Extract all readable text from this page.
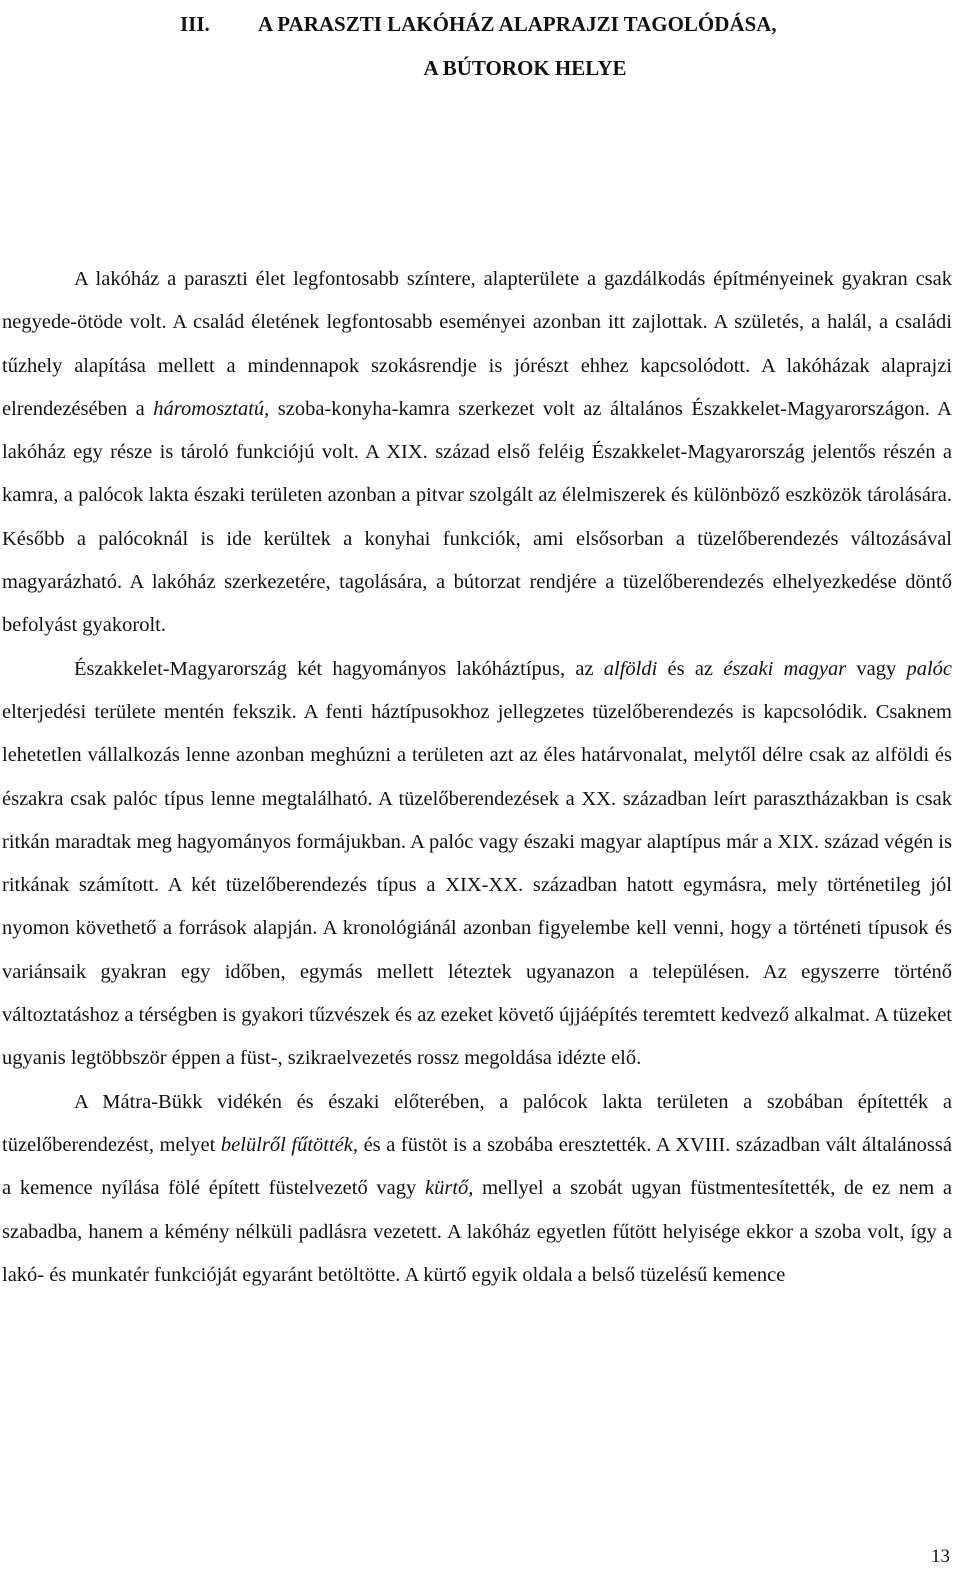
III. A PARASZTI LAKÓHÁZ ALAPRAJZI TAGOLÓDÁSA,
A BÚTOROK HELYE

A lakóház a paraszti élet legfontosabb színtere, alapterülete a gazdálkodás építményeinek gyakran csak negyede-ötöde volt. A család életének legfontosabb eseményei azonban itt zajlottak. A születés, a halál, a családi tűzhely alapítása mellett a mindennapok szokásrendje is jórészt ehhez kapcsolódott. A lakóházak alaprajzi elrendezésében a háromosztatú, szoba-konyha-kamra szerkezet volt az általános Északkelet-Magyarországon. A lakóház egy része is tároló funkciójú volt. A XIX. század első feléig Északkelet-Magyarország jelentős részén a kamra, a palócok lakta északi területen azonban a pitvar szolgált az élelmiszerek és különböző eszközök tárolására. Később a palócoknál is ide kerültek a konyhai funkciók, ami elsősorban a tüzelőberendezés változásával magyarázható. A lakóház szerkezetére, tagolására, a bútorzat rendjére a tüzelőberendezés elhelyezkedése döntő befolyást gyakorolt.

Északkelet-Magyarország két hagyományos lakóháztípus, az alföldi és az északi magyar vagy palóc elterjedési területe mentén fekszik. A fenti háztípusokhoz jellegzetes tüzelőberendezés is kapcsolódik. Csaknem lehetetlen vállalkozás lenne azonban meghúzni a területen azt az éles határvonalat, melytől délre csak az alföldi és északra csak palóc típus lenne megtalálható. A tüzelőberendezések a XX. században leírt parasztházakban is csak ritkán maradtak meg hagyományos formájukban. A palóc vagy északi magyar alaptípus már a XIX. század végén is ritkának számított. A két tüzelőberendezés típus a XIX-XX. században hatott egymásra, mely történetileg jól nyomon követhető a források alapján. A kronológiánál azonban figyelembe kell venni, hogy a történeti típusok és variánsaik gyakran egy időben, egymás mellett léteztek ugyanazon a településen. Az egyszerre történő változtatáshoz a térségben is gyakori tűzvészek és az ezeket követő újjáépítés teremtett kedvező alkalmat. A tüzeket ugyanis legtöbbször éppen a füst-, szikraelvezetés rossz megoldása idézte elő.

A Mátra-Bükk vidékén és északi előterében, a palócok lakta területen a szobában építették a tüzelőberendezést, melyet belülről fűtötték, és a füstöt is a szobába eresztették. A XVIII. században vált általánossá a kemence nyílása fölé épített füstelvezető vagy kürtő, mellyel a szobát ugyan füstmentesítették, de ez nem a szabadba, hanem a kémény nélküli padlásra vezetett. A lakóház egyetlen fűtött helyisége ekkor a szoba volt, így a lakó- és munkatér funkcióját egyaránt betöltötte. A kürtő egyik oldala a belső tüzelésű kemence

13
